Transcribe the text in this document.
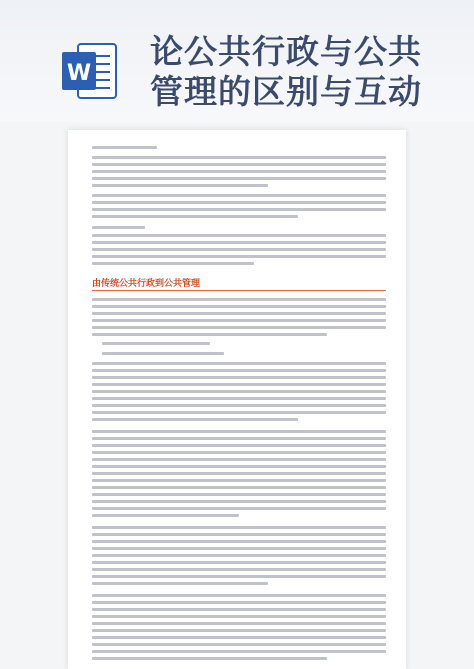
W
论公共行政与公共
管理的区别与互动
由传统公共行政到公共管理
